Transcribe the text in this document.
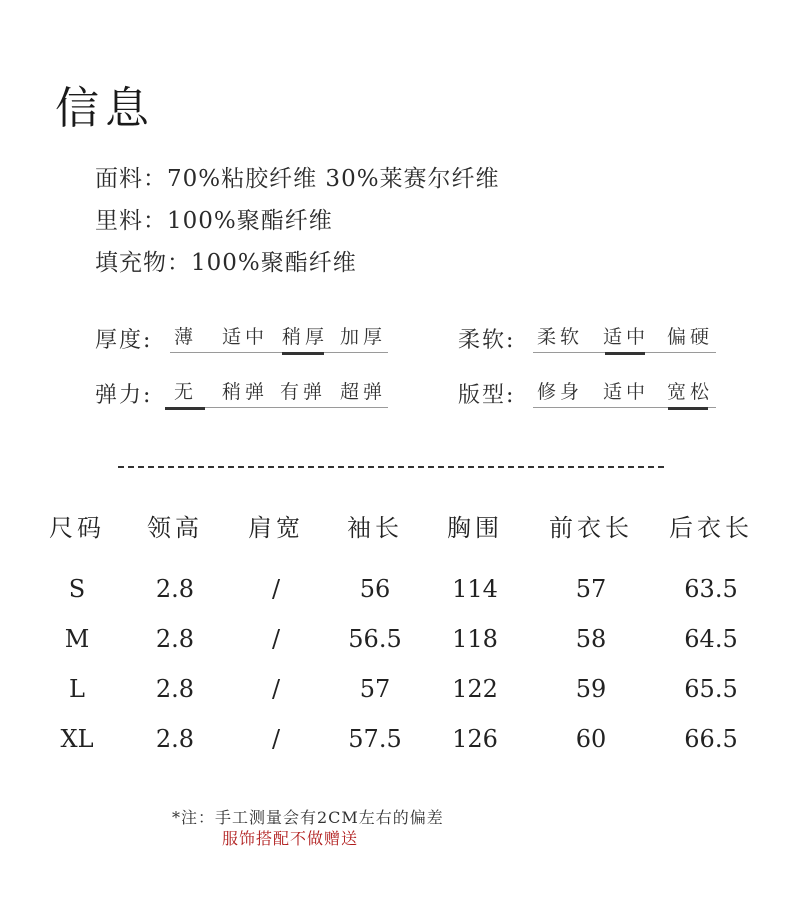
信息
面料：70%粘胶纤维 30%莱赛尔纤维
里料：100%聚酯纤维
填充物：100%聚酯纤维
厚度: 薄 适中 稍厚 加厚	柔软: 柔软 适中 偏硬
弹力: 无 稍弹 有弹 超弹	版型: 修身 适中 宽松
尺码	领高	肩宽	袖长	胸围	前衣长	后衣长
S	2.8	/	56	114	57	63.5
M	2.8	/	56.5	118	58	64.5
L	2.8	/	57	122	59	65.5
XL	2.8	/	57.5	126	60	66.5
*注：手工测量会有2CM左右的偏差
服饰搭配不做赠送
